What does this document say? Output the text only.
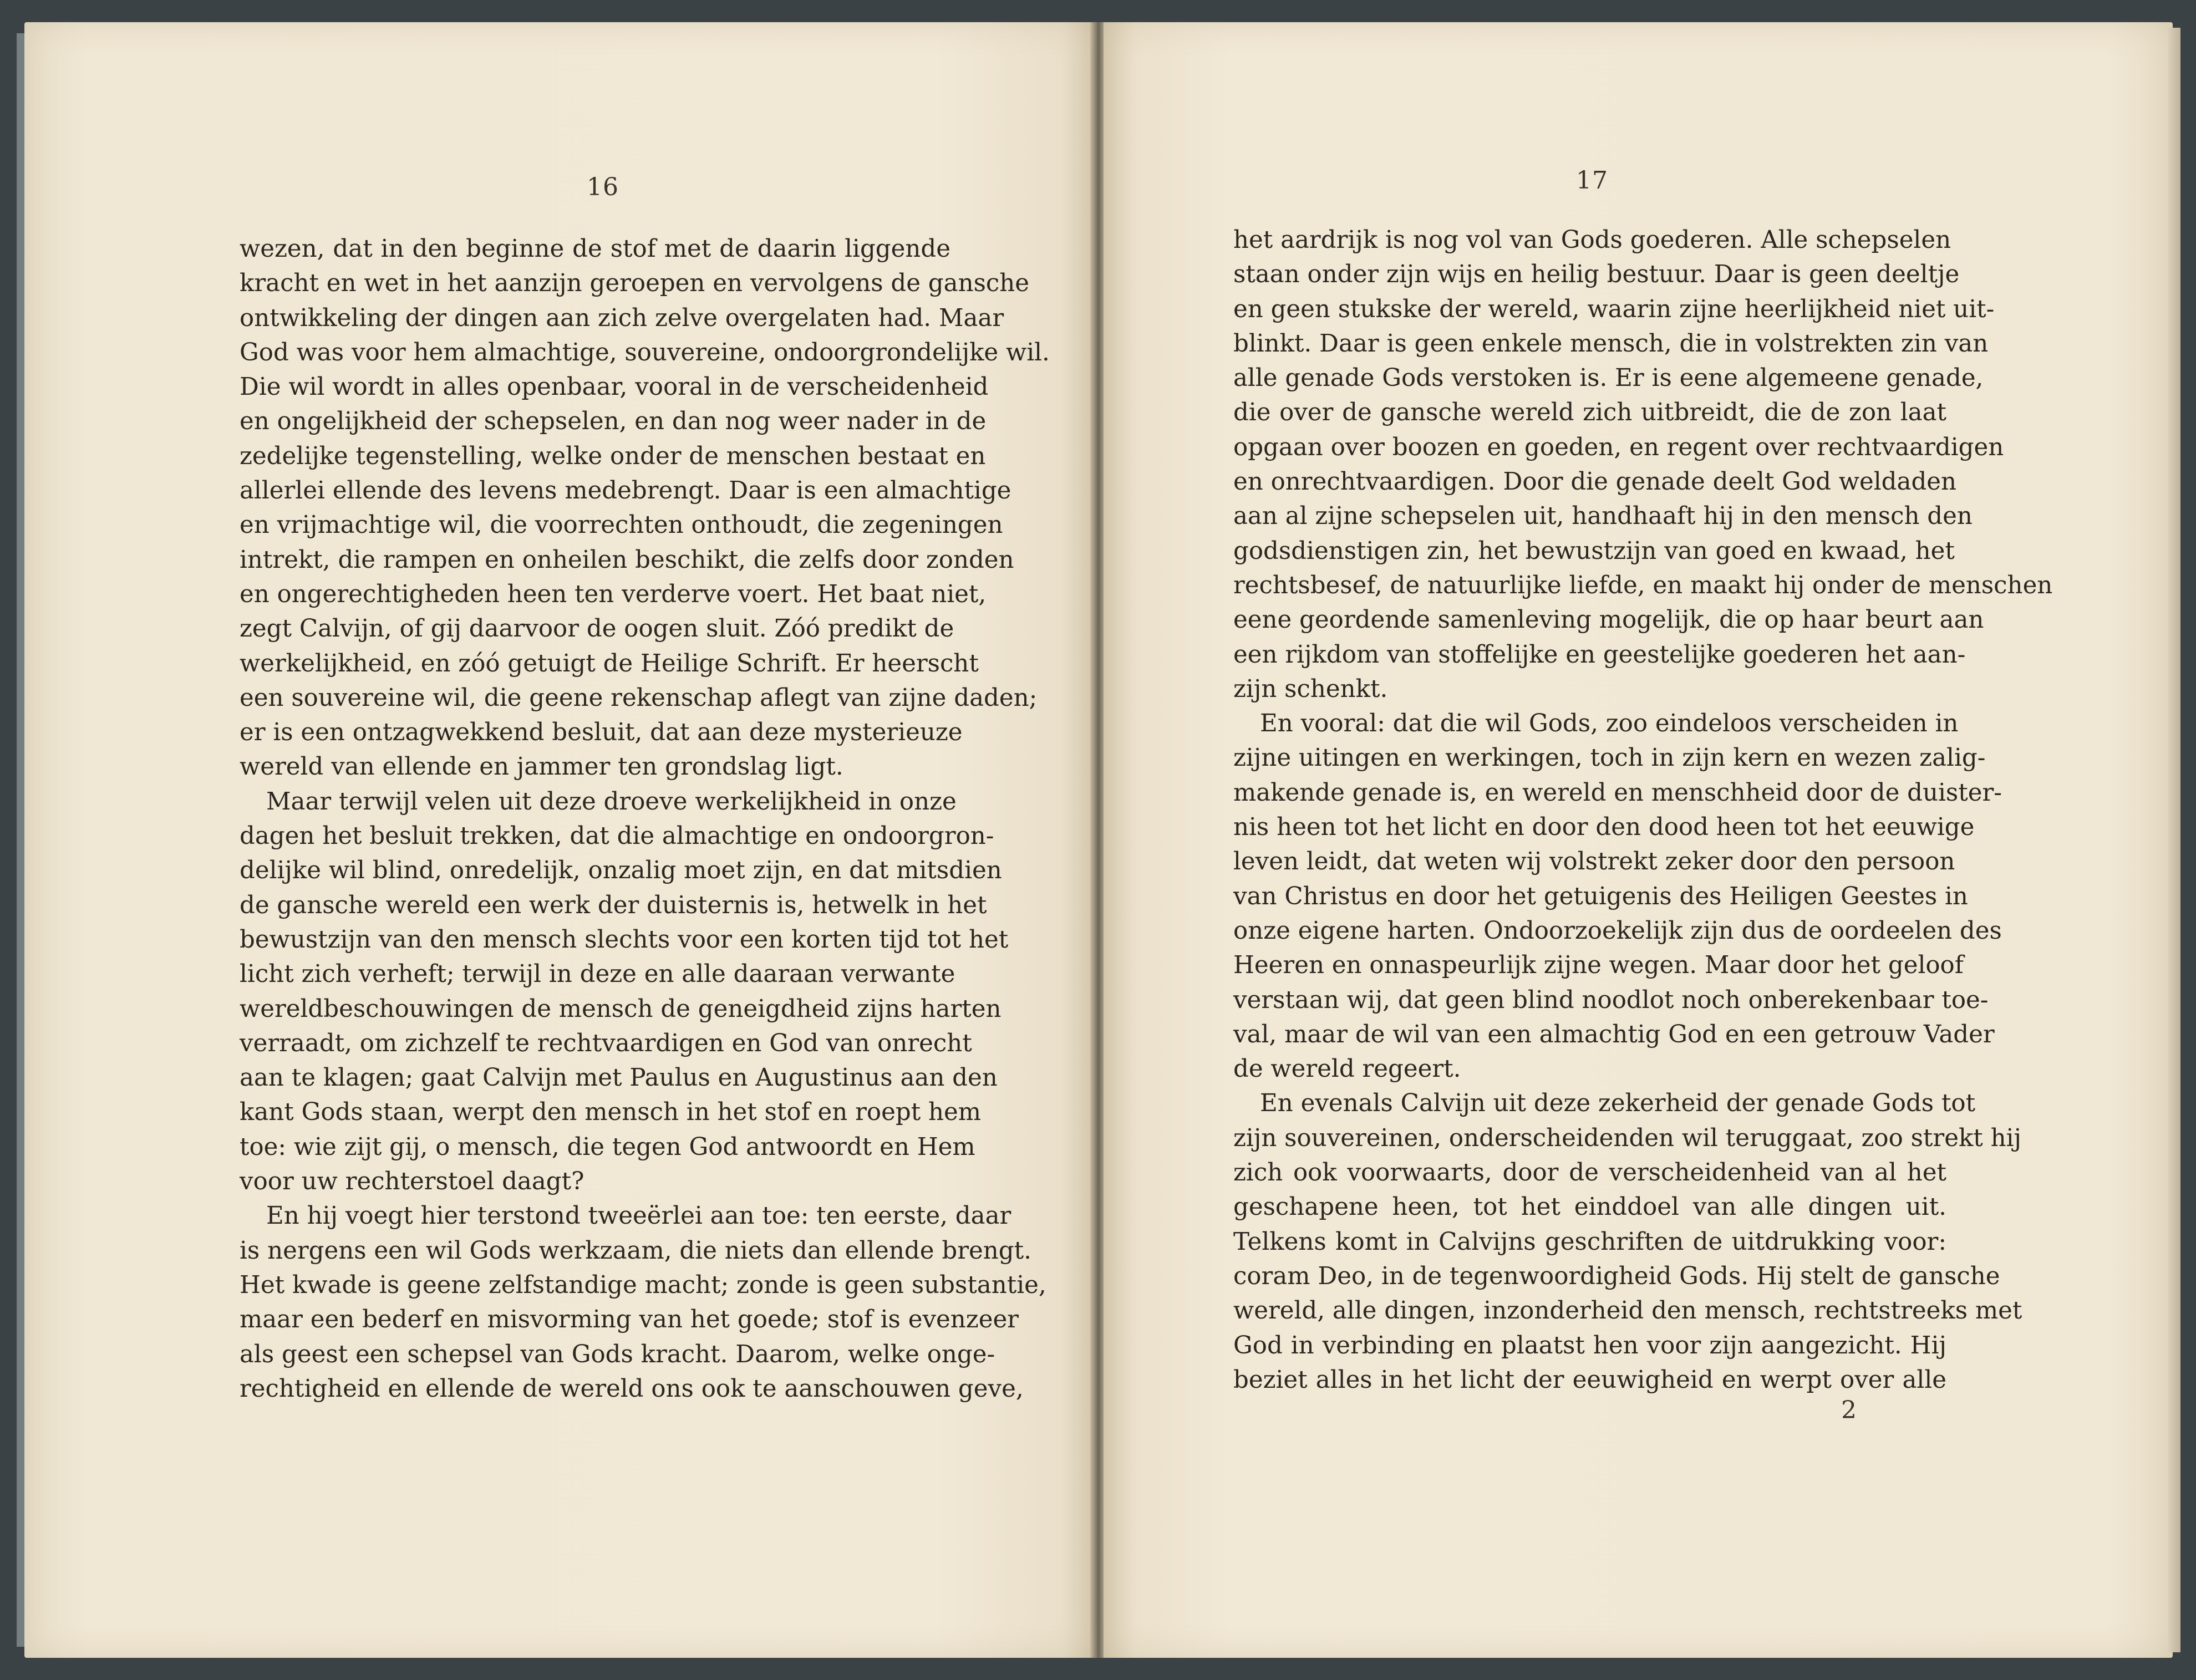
16	17
wezen, dat in den beginne de stof met de daarin liggende
kracht en wet in het aanzijn geroepen en vervolgens de gansche
ontwikkeling der dingen aan zich zelve overgelaten had. Maar
God was voor hem almachtige, souvereine, ondoorgrondelijke wil.
Die wil wordt in alles openbaar, vooral in de verscheidenheid
en ongelijkheid der schepselen, en dan nog weer nader in de
zedelijke tegenstelling, welke onder de menschen bestaat en
allerlei ellende des levens medebrengt. Daar is een almachtige
en vrijmachtige wil, die voorrechten onthoudt, die zegeningen
intrekt, die rampen en onheilen beschikt, die zelfs door zonden
en ongerechtigheden heen ten verderve voert. Het baat niet,
zegt Calvijn, of gij daarvoor de oogen sluit. Zóó predikt de
werkelijkheid, en zóó getuigt de Heilige Schrift. Er heerscht
een souvereine wil, die geene rekenschap aflegt van zijne daden;
er is een ontzagwekkend besluit, dat aan deze mysterieuze
wereld van ellende en jammer ten grondslag ligt.
Maar terwijl velen uit deze droeve werkelijkheid in onze
dagen het besluit trekken, dat die almachtige en ondoorgron-
delijke wil blind, onredelijk, onzalig moet zijn, en dat mitsdien
de gansche wereld een werk der duisternis is, hetwelk in het
bewustzijn van den mensch slechts voor een korten tijd tot het
licht zich verheft; terwijl in deze en alle daaraan verwante
wereldbeschouwingen de mensch de geneigdheid zijns harten
verraadt, om zichzelf te rechtvaardigen en God van onrecht
aan te klagen; gaat Calvijn met Paulus en Augustinus aan den
kant Gods staan, werpt den mensch in het stof en roept hem
toe: wie zijt gij, o mensch, die tegen God antwoordt en Hem
voor uw rechterstoel daagt?
En hij voegt hier terstond tweeërlei aan toe: ten eerste, daar
is nergens een wil Gods werkzaam, die niets dan ellende brengt.
Het kwade is geene zelfstandige macht; zonde is geen substantie,
maar een bederf en misvorming van het goede; stof is evenzeer
als geest een schepsel van Gods kracht. Daarom, welke onge-
rechtigheid en ellende de wereld ons ook te aanschouwen geve,
het aardrijk is nog vol van Gods goederen. Alle schepselen
staan onder zijn wijs en heilig bestuur. Daar is geen deeltje
en geen stukske der wereld, waarin zijne heerlijkheid niet uit-
blinkt. Daar is geen enkele mensch, die in volstrekten zin van
alle genade Gods verstoken is. Er is eene algemeene genade,
die over de gansche wereld zich uitbreidt, die de zon laat
opgaan over boozen en goeden, en regent over rechtvaardigen
en onrechtvaardigen. Door die genade deelt God weldaden
aan al zijne schepselen uit, handhaaft hij in den mensch den
godsdienstigen zin, het bewustzijn van goed en kwaad, het
rechtsbesef, de natuurlijke liefde, en maakt hij onder de menschen
eene geordende samenleving mogelijk, die op haar beurt aan
een rijkdom van stoffelijke en geestelijke goederen het aan-
zijn schenkt.
En vooral: dat die wil Gods, zoo eindeloos verscheiden in
zijne uitingen en werkingen, toch in zijn kern en wezen zalig-
makende genade is, en wereld en menschheid door de duister-
nis heen tot het licht en door den dood heen tot het eeuwige
leven leidt, dat weten wij volstrekt zeker door den persoon
van Christus en door het getuigenis des Heiligen Geestes in
onze eigene harten. Ondoorzoekelijk zijn dus de oordeelen des
Heeren en onnaspeurlijk zijne wegen. Maar door het geloof
verstaan wij, dat geen blind noodlot noch onberekenbaar toe-
val, maar de wil van een almachtig God en een getrouw Vader
de wereld regeert.
En evenals Calvijn uit deze zekerheid der genade Gods tot
zijn souvereinen, onderscheidenden wil teruggaat, zoo strekt hij
zich ook voorwaarts, door de verscheidenheid van al het
geschapene heen, tot het einddoel van alle dingen uit.
Telkens komt in Calvijns geschriften de uitdrukking voor:
coram Deo, in de tegenwoordigheid Gods. Hij stelt de gansche
wereld, alle dingen, inzonderheid den mensch, rechtstreeks met
God in verbinding en plaatst hen voor zijn aangezicht. Hij
beziet alles in het licht der eeuwigheid en werpt over alle
2
